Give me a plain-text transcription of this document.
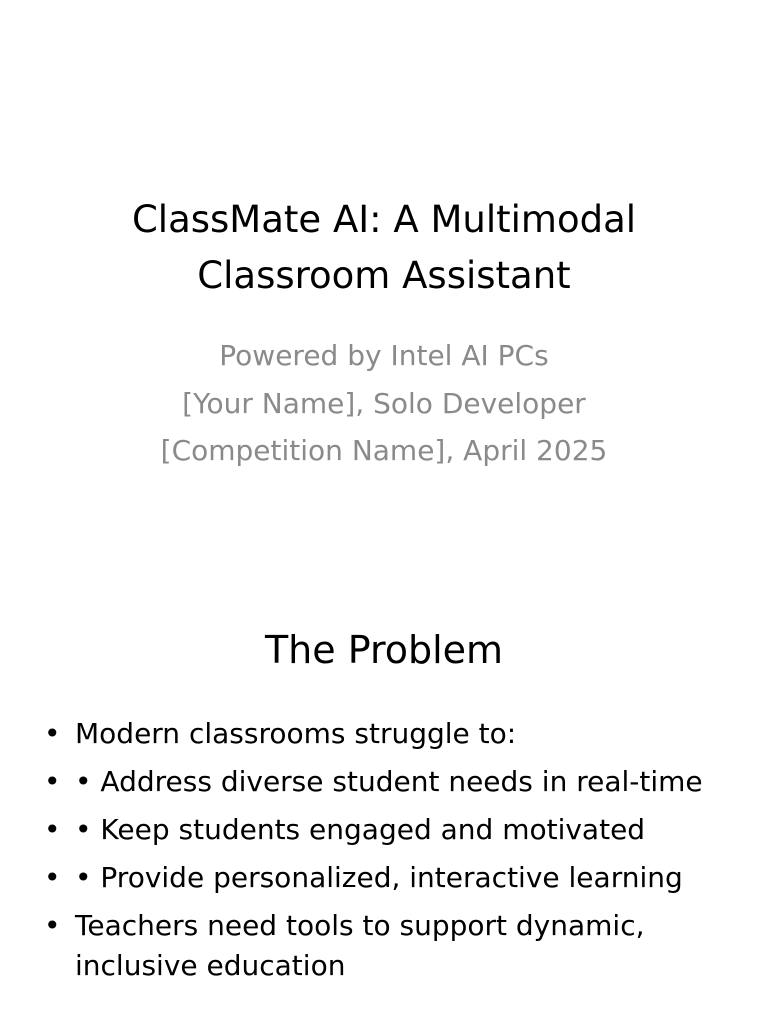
ClassMate AI: A Multimodal Classroom Assistant
Powered by Intel AI PCs
[Your Name], Solo Developer
[Competition Name], April 2025
The Problem
• Modern classrooms struggle to:
• • Address diverse student needs in real-time
• • Keep students engaged and motivated
• • Provide personalized, interactive learning
• Teachers need tools to support dynamic, inclusive education
